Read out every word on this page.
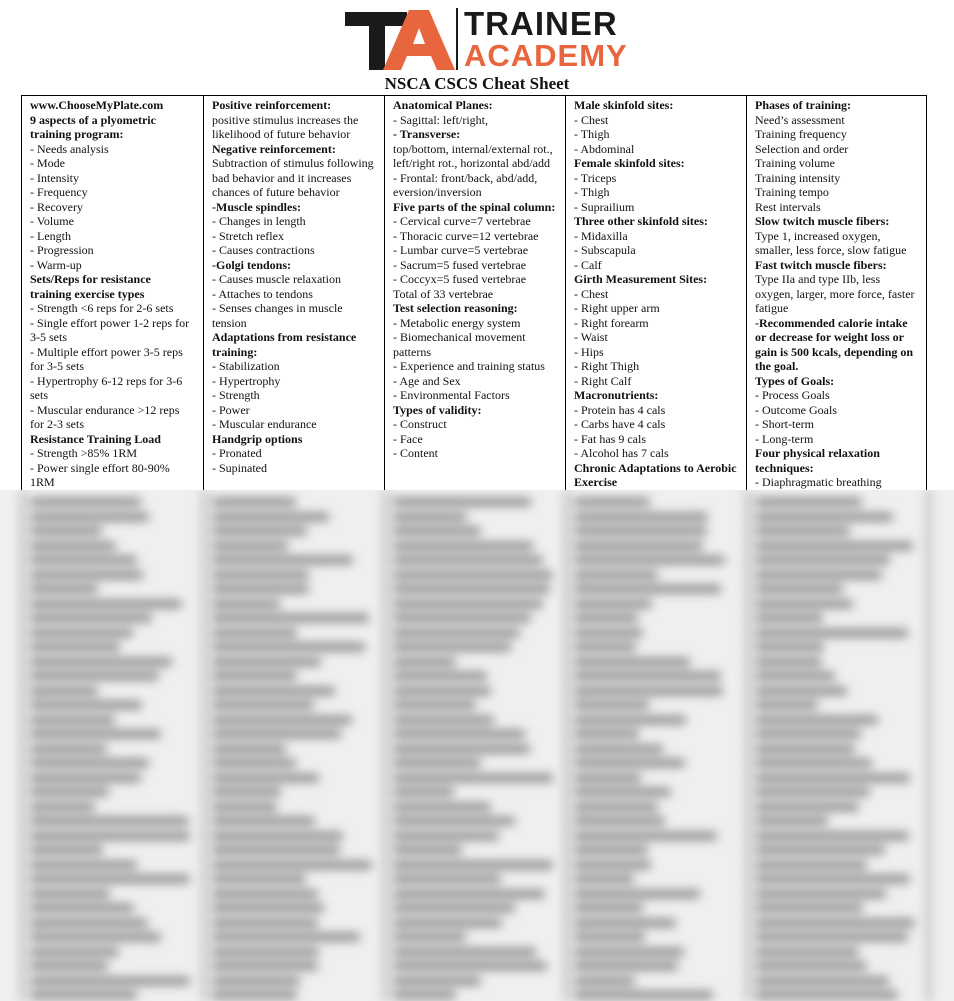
TRAINER
ACADEMY
NSCA CSCS Cheat Sheet
www.ChooseMyPlate.com
9 aspects of a plyometric training program:
- Needs analysis
- Mode
- Intensity
- Frequency
- Recovery
- Volume
- Length
- Progression
- Warm-up
Sets/Reps for resistance training exercise types
- Strength <6 reps for 2-6 sets
- Single effort power 1-2 reps for 3-5 sets
- Multiple effort power 3-5 reps for 3-5 sets
- Hypertrophy 6-12 reps for 3-6 sets
- Muscular endurance >12 reps for 2-3 sets
Resistance Training Load
- Strength >85% 1RM
- Power single effort 80-90% 1RM
Positive reinforcement:
positive stimulus increases the likelihood of future behavior
Negative reinforcement:
Subtraction of stimulus following bad behavior and it increases chances of future behavior
-Muscle spindles:
- Changes in length
- Stretch reflex
- Causes contractions
-Golgi tendons:
- Causes muscle relaxation
- Attaches to tendons
- Senses changes in muscle tension
Adaptations from resistance training:
- Stabilization
- Hypertrophy
- Strength
- Power
- Muscular endurance
Handgrip options
- Pronated
- Supinated
Anatomical Planes:
- Sagittal: left/right,
- Transverse:
top/bottom, internal/external rot., left/right rot., horizontal abd/add
- Frontal: front/back, abd/add, eversion/inversion
Five parts of the spinal column:
- Cervical curve=7 vertebrae
- Thoracic curve=12 vertebrae
- Lumbar curve=5 vertebrae
- Sacrum=5 fused vertebrae
- Coccyx=5 fused vertebrae
Total of 33 vertebrae
Test selection reasoning:
- Metabolic energy system
- Biomechanical movement patterns
- Experience and training status
- Age and Sex
- Environmental Factors
Types of validity:
- Construct
- Face
- Content
Male skinfold sites:
- Chest
- Thigh
- Abdominal
Female skinfold sites:
- Triceps
- Thigh
- Suprailium
Three other skinfold sites:
- Midaxilla
- Subscapula
- Calf
Girth Measurement Sites:
- Chest
- Right upper arm
- Right forearm
- Waist
- Hips
- Right Thigh
- Right Calf
Macronutrients:
- Protein has 4 cals
- Carbs have 4 cals
- Fat has 9 cals
- Alcohol has 7 cals
Chronic Adaptations to Aerobic Exercise
Phases of training:
Need’s assessment
Training frequency
Selection and order
Training volume
Training intensity
Training tempo
Rest intervals
Slow twitch muscle fibers:
Type 1, increased oxygen, smaller, less force, slow fatigue
Fast twitch muscle fibers:
Type IIa and type IIb, less oxygen, larger, more force, faster fatigue
-Recommended calorie intake or decrease for weight loss or gain is 500 kcals, depending on the goal.
Types of Goals:
- Process Goals
- Outcome Goals
- Short-term
- Long-term
Four physical relaxation techniques:
- Diaphragmatic breathing
